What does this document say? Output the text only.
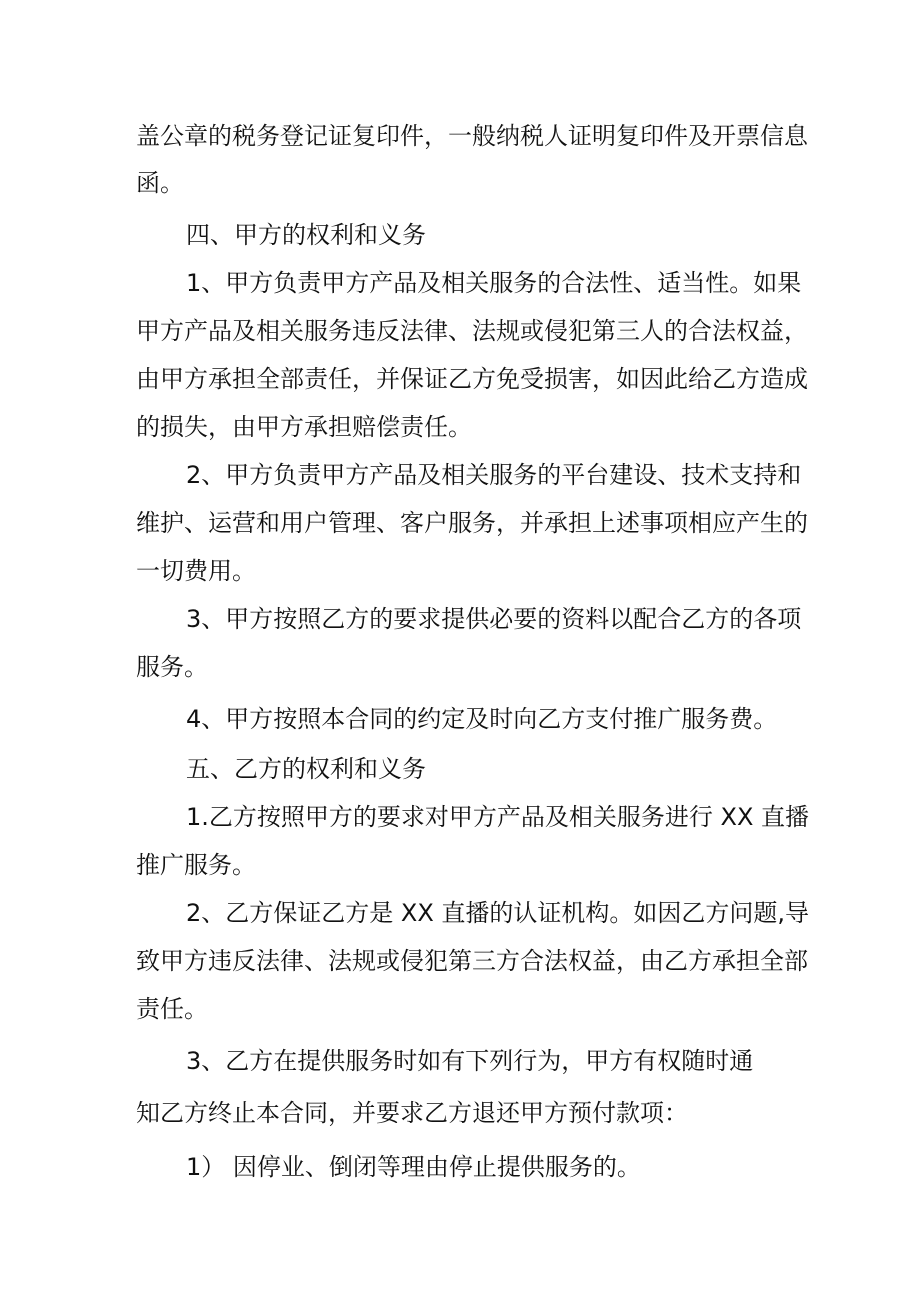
盖公章的税务登记证复印件，一般纳税人证明复印件及开票信息
函。
四、甲方的权利和义务
1、甲方负责甲方产品及相关服务的合法性、适当性。如果
甲方产品及相关服务违反法律、法规或侵犯第三人的合法权益，
由甲方承担全部责任，并保证乙方免受损害，如因此给乙方造成
的损失，由甲方承担赔偿责任。
2、甲方负责甲方产品及相关服务的平台建设、技术支持和
维护、运营和用户管理、客户服务，并承担上述事项相应产生的
一切费用。
3、甲方按照乙方的要求提供必要的资料以配合乙方的各项
服务。
4、甲方按照本合同的约定及时向乙方支付推广服务费。
五、乙方的权利和义务
1.乙方按照甲方的要求对甲方产品及相关服务进行 XX 直播
推广服务。
2、乙方保证乙方是 XX 直播的认证机构。如因乙方问题,导
致甲方违反法律、法规或侵犯第三方合法权益，由乙方承担全部
责任。
3、乙方在提供服务时如有下列行为，甲方有权随时通
知乙方终止本合同，并要求乙方退还甲方预付款项：
1） 因停业、倒闭等理由停止提供服务的。
